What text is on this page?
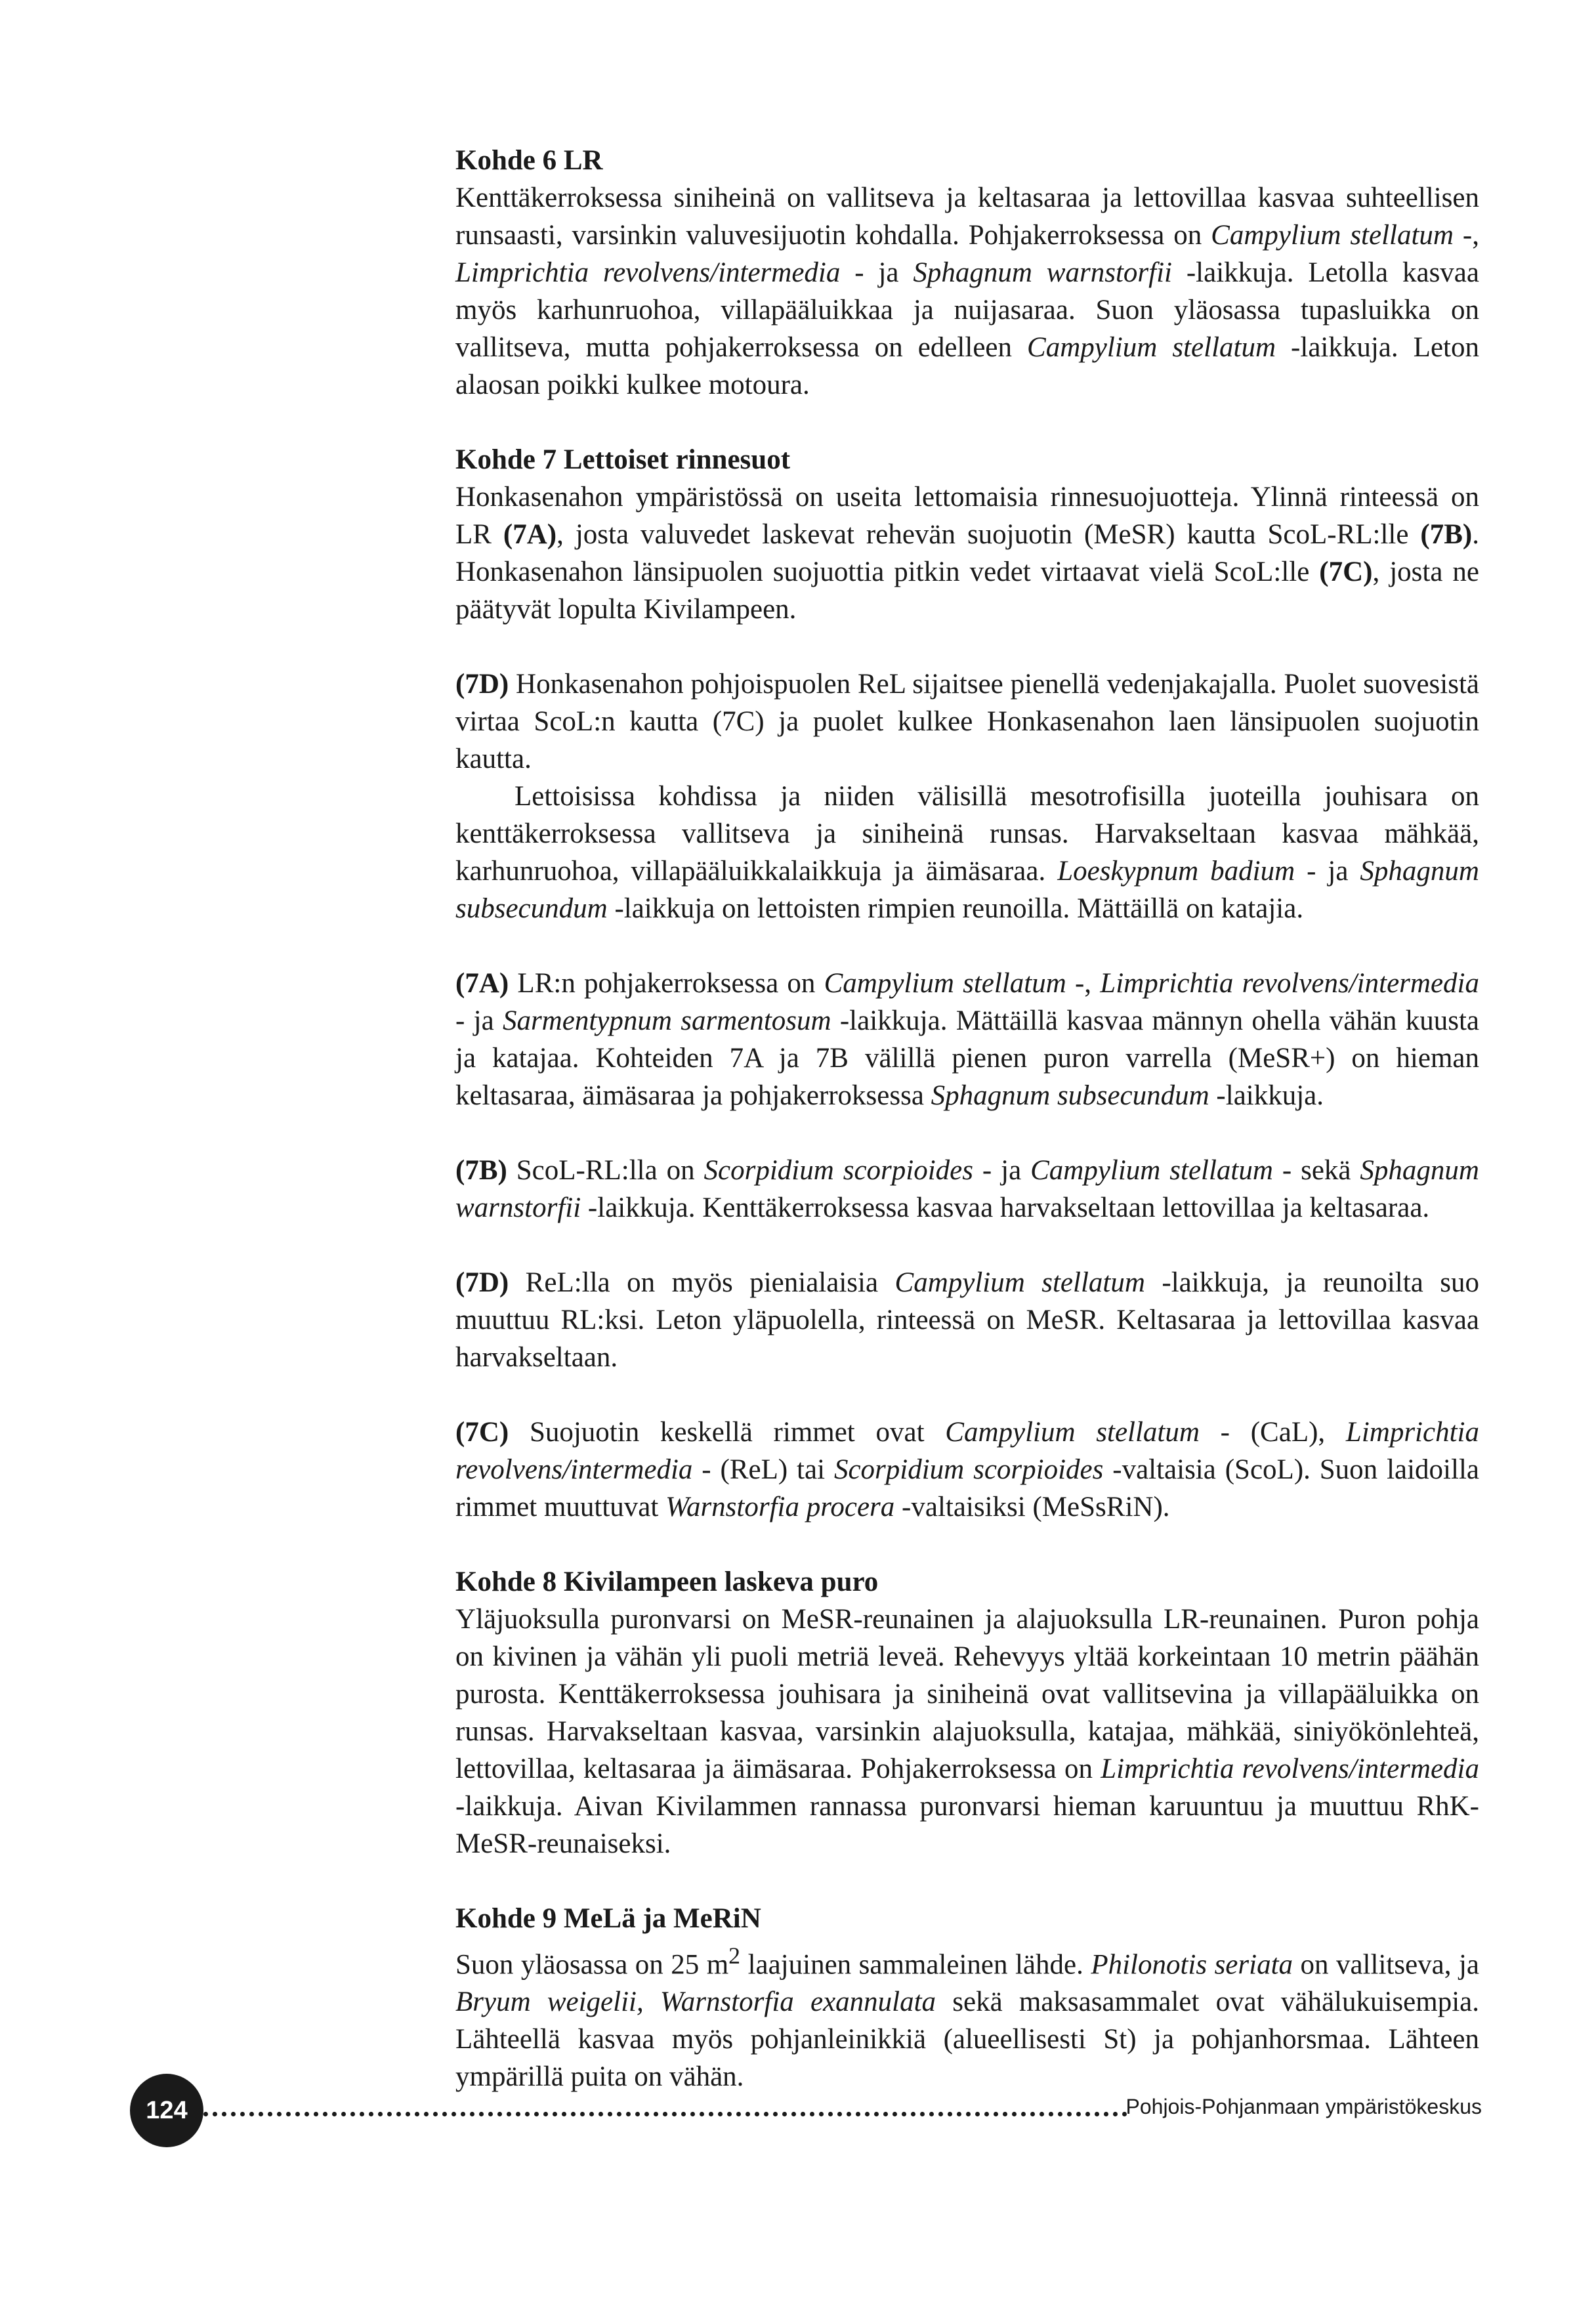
Kohde 6 LR

Kenttäkerroksessa siniheinä on vallitseva ja keltasaraa ja lettovillaa kasvaa suhteellisen runsaasti, varsinkin valuvesijuotin kohdalla. Pohjakerroksessa on Campylium stellatum -, Limprichtia revolvens/intermedia - ja Sphagnum warnstorfii -laikkuja. Letolla kasvaa myös karhunruohoa, villapääluikkaa ja nuijasaraa. Suon yläosassa tupasluikka on vallitseva, mutta pohjakerroksessa on edelleen Campylium stellatum -laikkuja. Leton alaosan poikki kulkee motoura.

Kohde 7 Lettoiset rinnesuot

Honkasenahon ympäristössä on useita lettomaisia rinnesuojuotteja. Ylinnä rinteessä on LR (7A), josta valuvedet laskevat rehevän suojuotin (MeSR) kautta ScoL-RL:lle (7B). Honkasenahon länsipuolen suojuottia pitkin vedet virtaavat vielä ScoL:lle (7C), josta ne päätyvät lopulta Kivilampeen.

(7D) Honkasenahon pohjoispuolen ReL sijaitsee pienellä vedenjakajalla. Puolet suovesistä virtaa ScoL:n kautta (7C) ja puolet kulkee Honkasenahon laen länsipuolen suojuotin kautta.

Lettoisissa kohdissa ja niiden välisillä mesotrofisilla juoteilla jouhisara on kenttäkerroksessa vallitseva ja siniheinä runsas. Harvakseltaan kasvaa mähkää, karhunruohoa, villapääluikkalaikkuja ja äimäsaraa. Loeskypnum badium - ja Sphagnum subsecundum -laikkuja on lettoisten rimpien reunoilla. Mättäillä on katajia.

(7A) LR:n pohjakerroksessa on Campylium stellatum -, Limprichtia revolvens/intermedia - ja Sarmentypnum sarmentosum -laikkuja. Mättäillä kasvaa männyn ohella vähän kuusta ja katajaa. Kohteiden 7A ja 7B välillä pienen puron varrella (MeSR+) on hieman keltasaraa, äimäsaraa ja pohjakerroksessa Sphagnum subsecundum -laikkuja.

(7B) ScoL-RL:lla on Scorpidium scorpioides - ja Campylium stellatum - sekä Sphagnum warnstorfii -laikkuja. Kenttäkerroksessa kasvaa harvakseltaan lettovillaa ja keltasaraa.

(7D) ReL:lla on myös pienialaisia Campylium stellatum -laikkuja, ja reunoilta suo muuttuu RL:ksi. Leton yläpuolella, rinteessä on MeSR. Keltasaraa ja lettovillaa kasvaa harvakseltaan.

(7C) Suojuotin keskellä rimmet ovat Campylium stellatum - (CaL), Limprichtia revolvens/intermedia - (ReL) tai Scorpidium scorpioides -valtaisia (ScoL). Suon laidoilla rimmet muuttuvat Warnstorfia procera -valtaisiksi (MeSsRiN).

Kohde 8 Kivilampeen laskeva puro

Yläjuoksulla puronvarsi on MeSR-reunainen ja alajuoksulla LR-reunainen. Puron pohja on kivinen ja vähän yli puoli metriä leveä. Rehevyys yltää korkeintaan 10 metrin päähän purosta. Kenttäkerroksessa jouhisara ja siniheinä ovat vallitsevina ja villapääluikka on runsas. Harvakseltaan kasvaa, varsinkin alajuoksulla, katajaa, mähkää, siniyökönlehteä, lettovillaa, keltasaraa ja äimäsaraa. Pohjakerroksessa on Limprichtia revolvens/intermedia -laikkuja. Aivan Kivilammen rannassa puronvarsi hieman karuuntuu ja muuttuu RhK-MeSR-reunaiseksi.

Kohde 9 MeLä ja MeRiN

Suon yläosassa on 25 $m^2$ laajuinen sammaleinen lähde. Philonotis seriata on vallitseva, ja Bryum weigelii, Warnstorfia exannulata sekä maksasammalet ovat vähälukuisempia. Lähteellä kasvaa myös pohjanleinikkiä (alueellisesti St) ja pohjanhorsmaa. Lähteen ympärillä puita on vähän.

124	Pohjois-Pohjanmaan ympäristökeskus
